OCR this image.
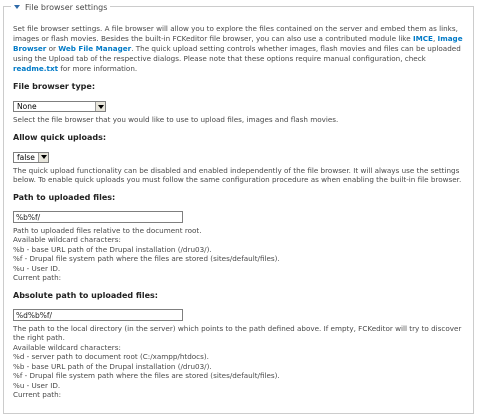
File browser settings

Set file browser settings. A file browser will allow you to explore the files contained on the server and embed them as links, images or flash movies. Besides the built-in FCKeditor file browser, you can also use a contributed module like IMCE, Image Browser or Web File Manager. The quick upload setting controls whether images, flash movies and files can be uploaded using the Upload tab of the respective dialogs. Please note that these options require manual configuration, check readme.txt for more information.

File browser type:
None
Select the file browser that you would like to use to upload files, images and flash movies.
Allow quick uploads:
false
The quick upload functionality can be disabled and enabled independently of the file browser. It will always use the settings below. To enable quick uploads you must follow the same configuration procedure as when enabling the built-in file browser.
Path to uploaded files:
%b%f/
Path to uploaded files relative to the document root.
Available wildcard characters:
%b - base URL path of the Drupal installation (/dru03/).
%f - Drupal file system path where the files are stored (sites/default/files).
%u - User ID.
Current path:
Absolute path to uploaded files:
%d%b%f/
The path to the local directory (in the server) which points to the path defined above. If empty, FCKeditor will try to discover the right path.
Available wildcard characters:
%d - server path to document root (C:/xampp/htdocs).
%b - base URL path of the Drupal installation (/dru03/).
%f - Drupal file system path where the files are stored (sites/default/files).
%u - User ID.
Current path:
